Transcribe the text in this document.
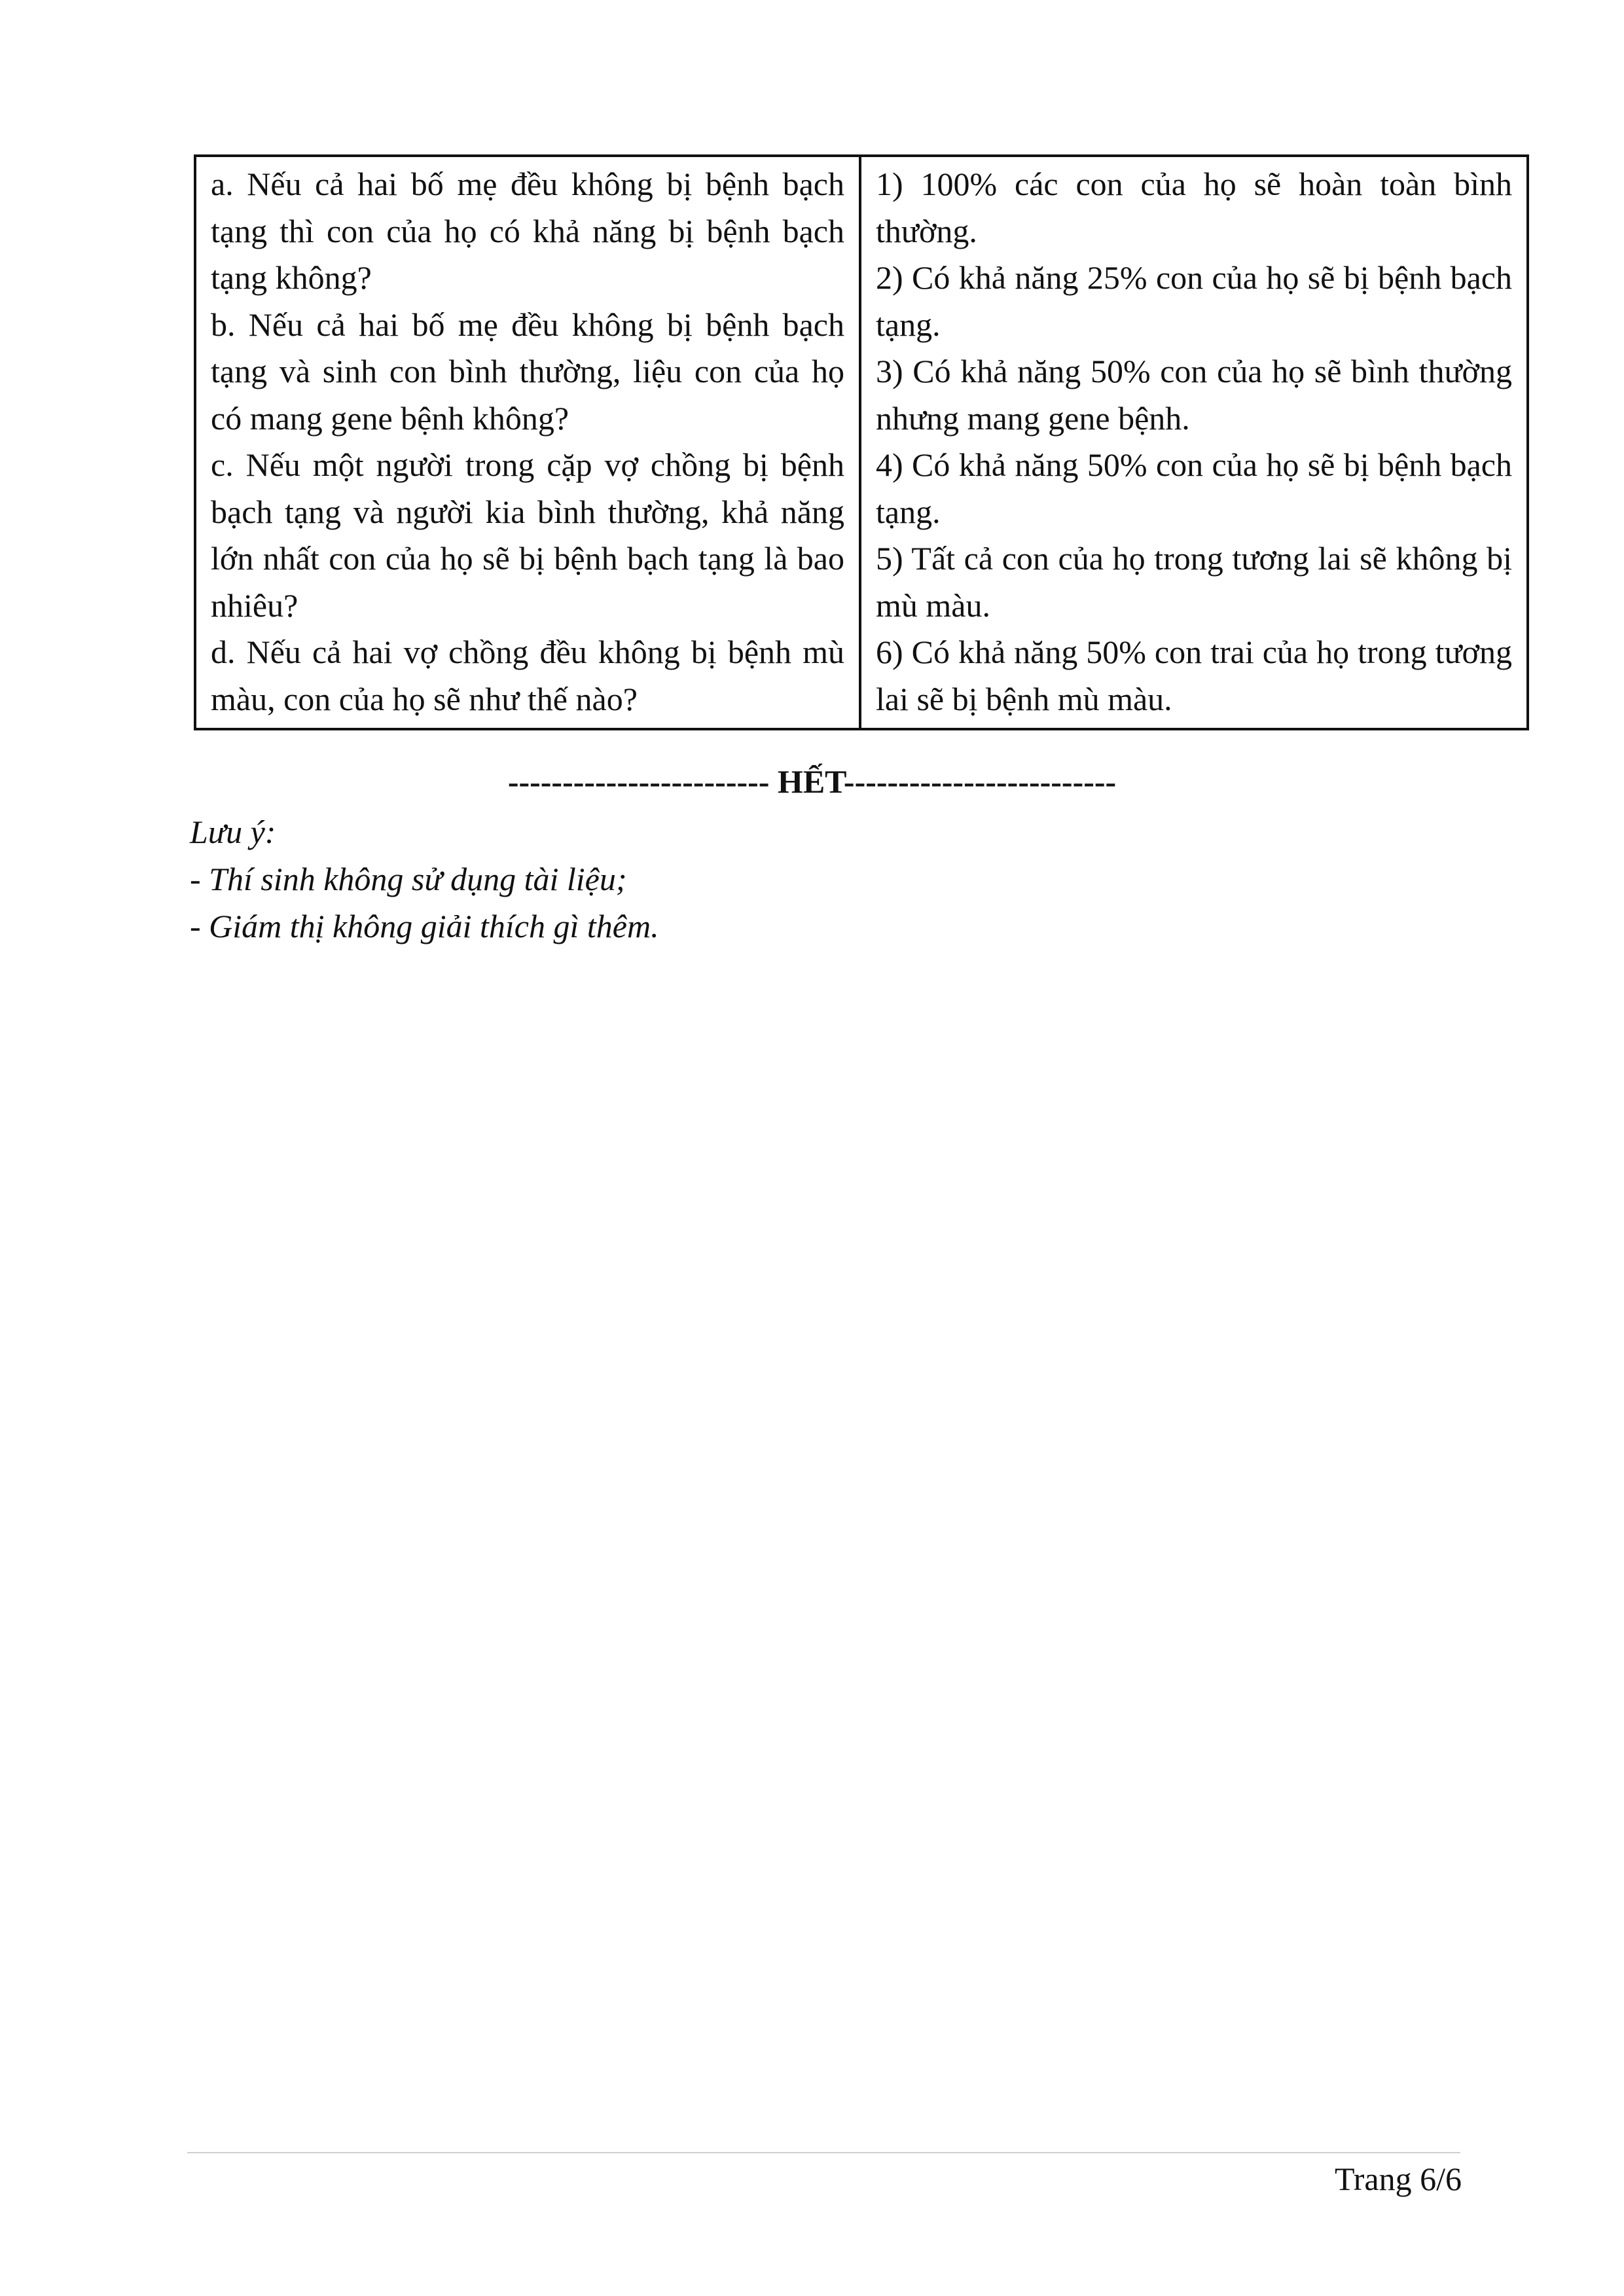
a. Nếu cả hai bố mẹ đều không bị bệnh bạch tạng thì con của họ có khả năng bị bệnh bạch tạng không?
b. Nếu cả hai bố mẹ đều không bị bệnh bạch tạng và sinh con bình thường, liệu con của họ có mang gene bệnh không?
c. Nếu một người trong cặp vợ chồng bị bệnh bạch tạng và người kia bình thường, khả năng lớn nhất con của họ sẽ bị bệnh bạch tạng là bao nhiêu?
d. Nếu cả hai vợ chồng đều không bị bệnh mù màu, con của họ sẽ như thế nào?

1) 100% các con của họ sẽ hoàn toàn bình thường.
2) Có khả năng 25% con của họ sẽ bị bệnh bạch tạng.
3) Có khả năng 50% con của họ sẽ bình thường nhưng mang gene bệnh.
4) Có khả năng 50% con của họ sẽ bị bệnh bạch tạng.
5) Tất cả con của họ trong tương lai sẽ không bị mù màu.
6) Có khả năng 50% con trai của họ trong tương lai sẽ bị bệnh mù màu.
------------------------ HẾT-------------------------
Lưu ý:
- Thí sinh không sử dụng tài liệu;
- Giám thị không giải thích gì thêm.
Trang 6/6
